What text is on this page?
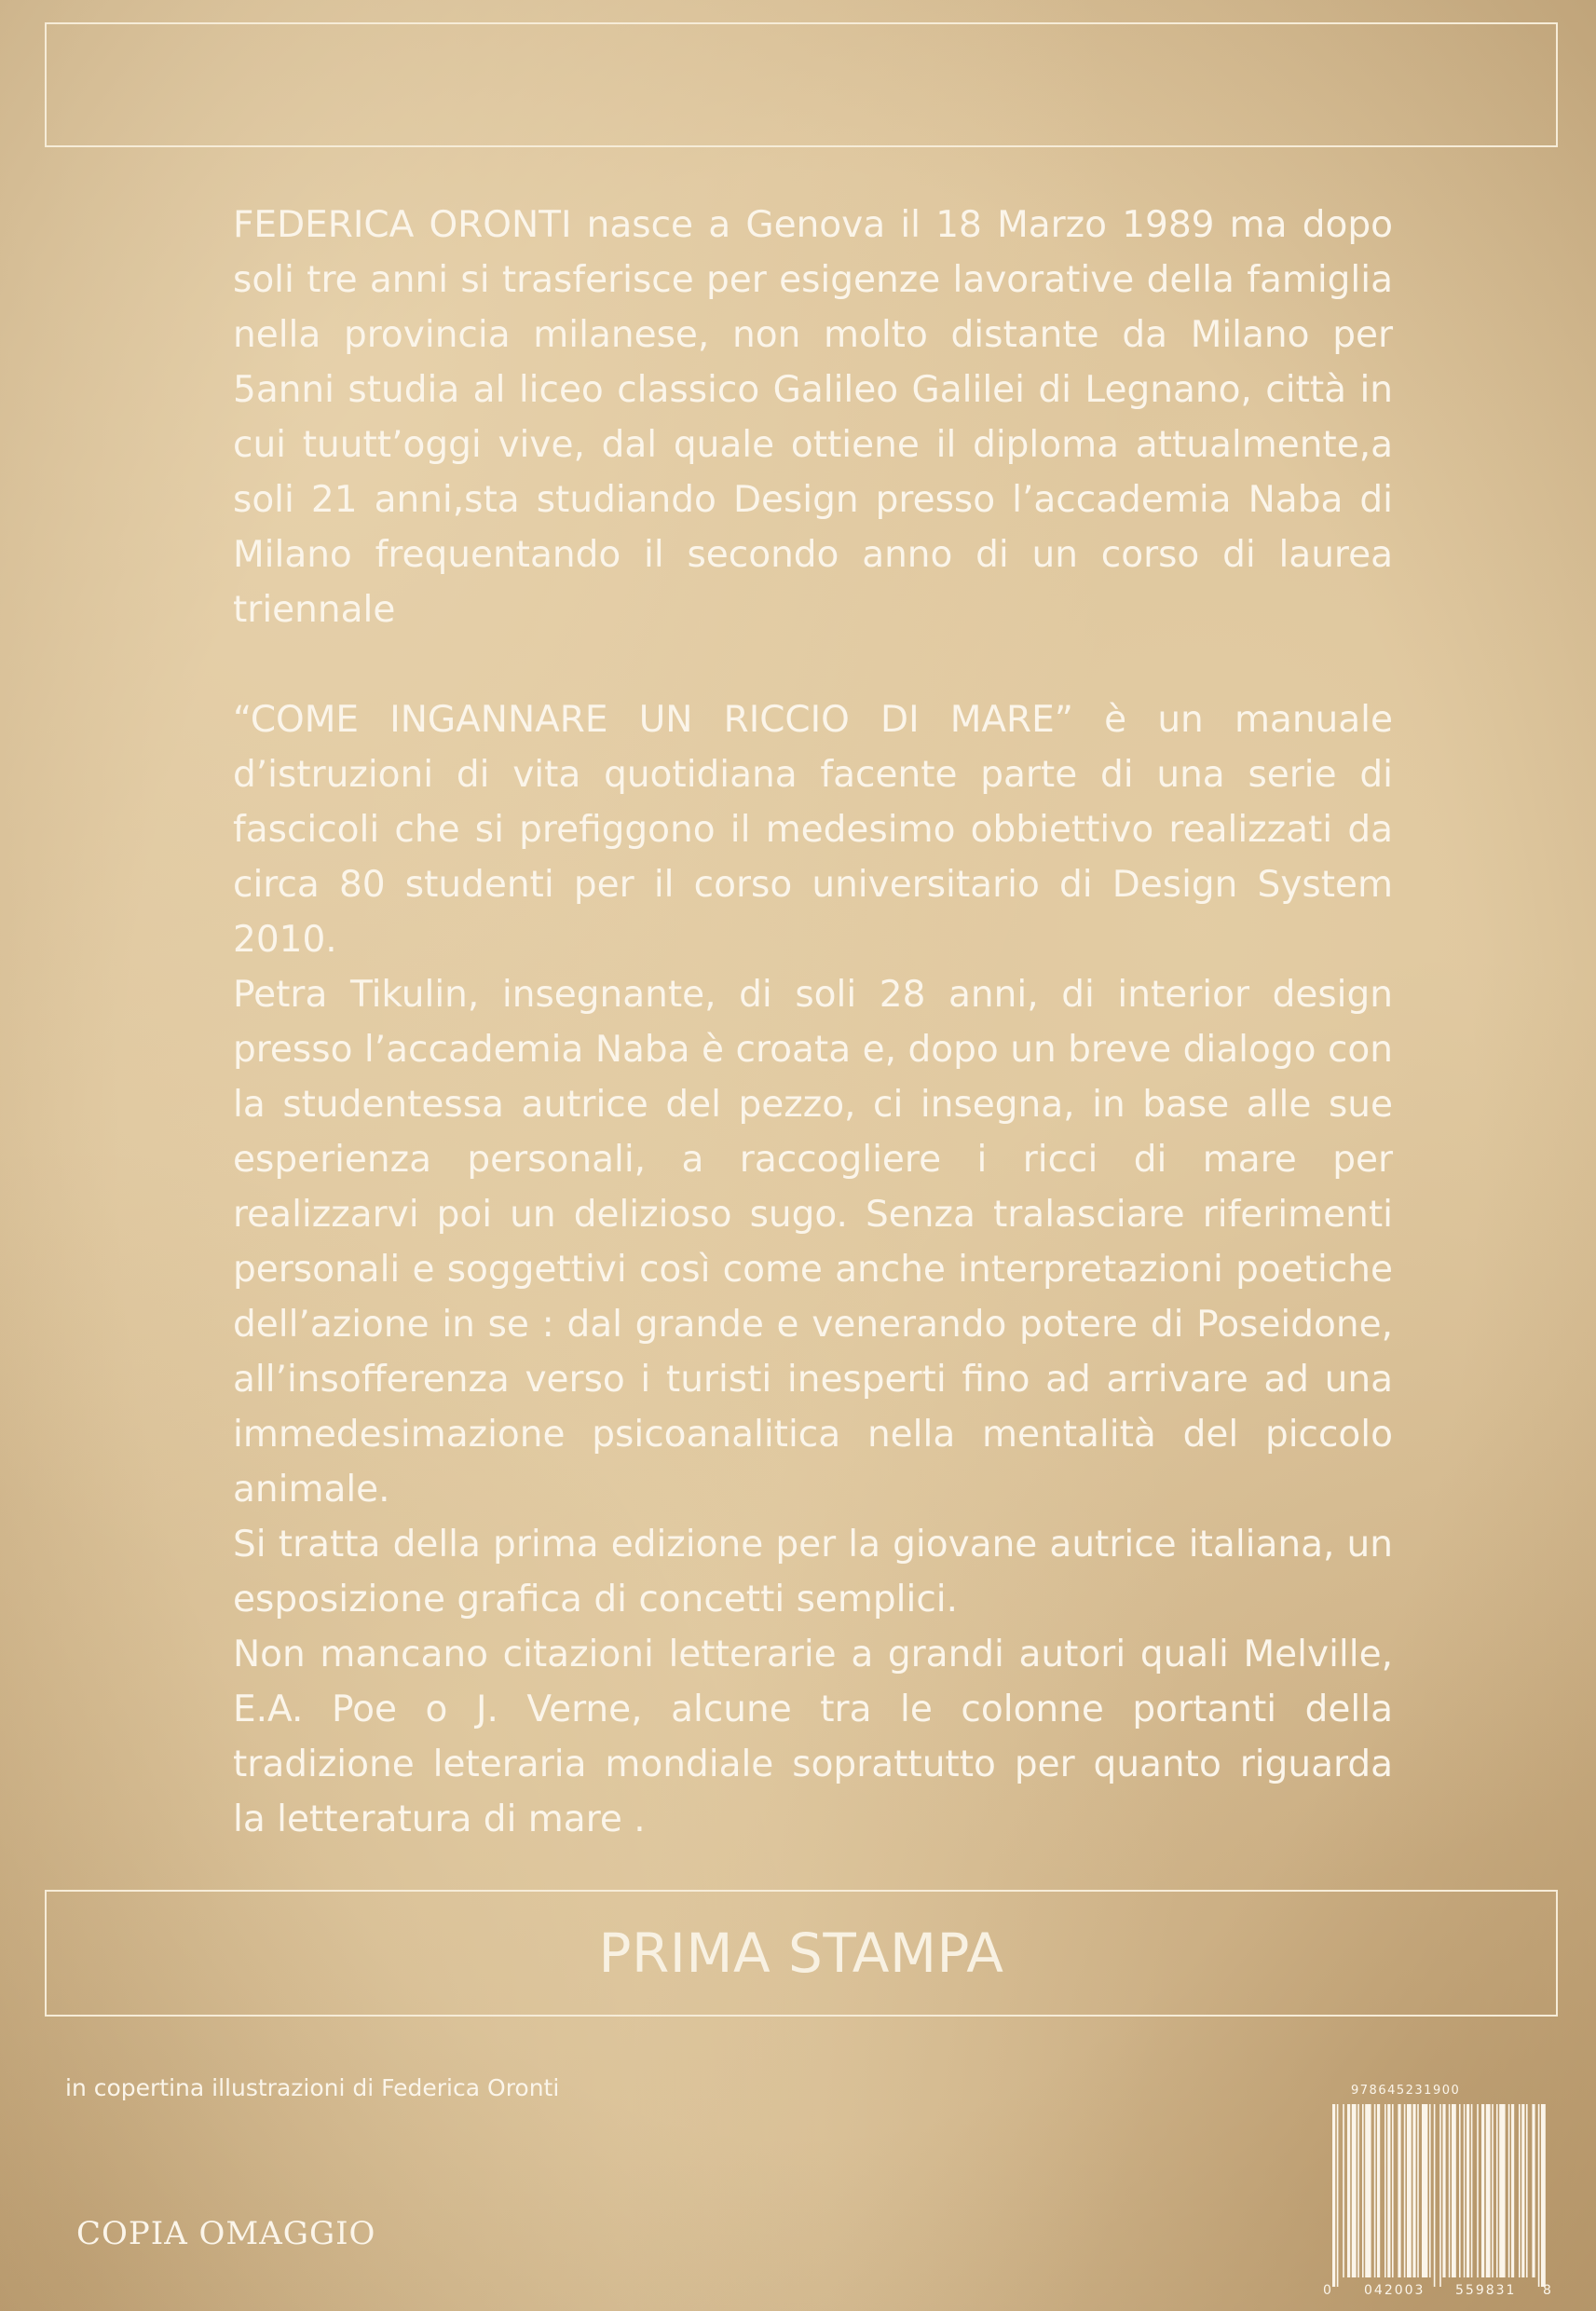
FEDERICA ORONTI nasce a Genova il 18 Marzo 1989 ma dopo soli tre anni si trasferisce per esigenze lavorative della famiglia nella provincia milanese, non molto distante da Milano per 5anni studia al liceo classico Galileo Galilei di Legnano, città in cui tuutt’oggi vive, dal quale ottiene il diploma attualmente,a soli 21 anni,sta studiando Design presso l’accademia Naba di Milano frequentando il secondo anno di un corso di laurea triennale

“COME INGANNARE UN RICCIO DI MARE” è un manuale d’istruzioni di vita quotidiana facente parte di una serie di fascicoli che si prefiggono il medesimo obbiettivo realizzati da circa 80 studenti per il corso universitario di Design System 2010.

Petra Tikulin, insegnante, di soli 28 anni, di interior design presso l’accademia Naba è croata e, dopo un breve dialogo con la studentessa autrice del pezzo, ci insegna, in base alle sue esperienza personali, a raccogliere i ricci di mare per realizzarvi poi un delizioso sugo. Senza tralasciare riferimenti personali e soggettivi così come anche interpretazioni poetiche dell’azione in se : dal grande e venerando potere di Poseidone, all’insofferenza verso i turisti inesperti fino ad arrivare ad una immedesimazione psicoanalitica nella mentalità del piccolo animale.

Si tratta della prima edizione per la giovane autrice italiana, un esposizione grafica di concetti semplici.

Non mancano citazioni letterarie a grandi autori quali Melville, E.A. Poe o J. Verne, alcune tra le colonne portanti della tradizione leteraria mondiale soprattutto per quanto riguarda la letteratura di mare .

PRIMA STAMPA
in copertina illustrazioni di Federica Oronti
COPIA OMAGGIO
978645231900
0 042003 559831 8
